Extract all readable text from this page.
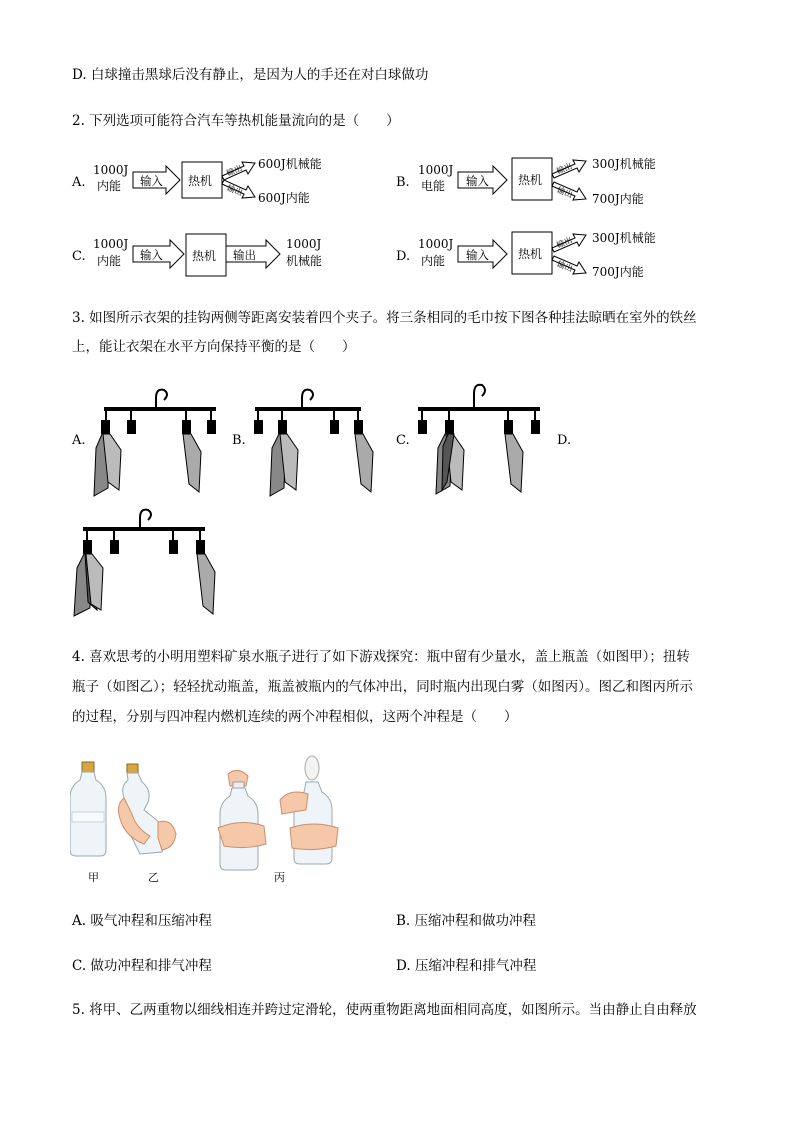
D. 白球撞击黑球后没有静止，是因为人的手还在对白球做功
2. 下列选项可能符合汽车等热机能量流向的是（　　）
A.
1000J
内能 输入 热机
输出
输出
600J机械能
600J内能
B.
1000J
电能 输入 热机
输出
输出
300J机械能
700J内能
C.
1000J
内能 输入 热机 输出
1000J
机械能	D.
1000J
内能 输入 热机
输出
输出
300J机械能
700J内能
3. 如图所示衣架的挂钩两侧等距离安装着四个夹子。将三条相同的毛巾按下图各种挂法晾晒在室外的铁丝
上，能让衣架在水平方向保持平衡的是（　　）
A.	B.	C.	D.
4. 喜欢思考的小明用塑料矿泉水瓶子进行了如下游戏探究：瓶中留有少量水，盖上瓶盖（如图甲）；扭转
瓶子（如图乙）；轻轻扰动瓶盖，瓶盖被瓶内的气体冲出，同时瓶内出现白雾（如图丙）。图乙和图丙所示
的过程，分别与四冲程内燃机连续的两个冲程相似，这两个冲程是（　　）
甲	乙	丙
A. 吸气冲程和压缩冲程	B. 压缩冲程和做功冲程
C. 做功冲程和排气冲程	D. 压缩冲程和排气冲程
5. 将甲、乙两重物以细线相连并跨过定滑轮，使两重物距离地面相同高度，如图所示。当由静止自由释放
